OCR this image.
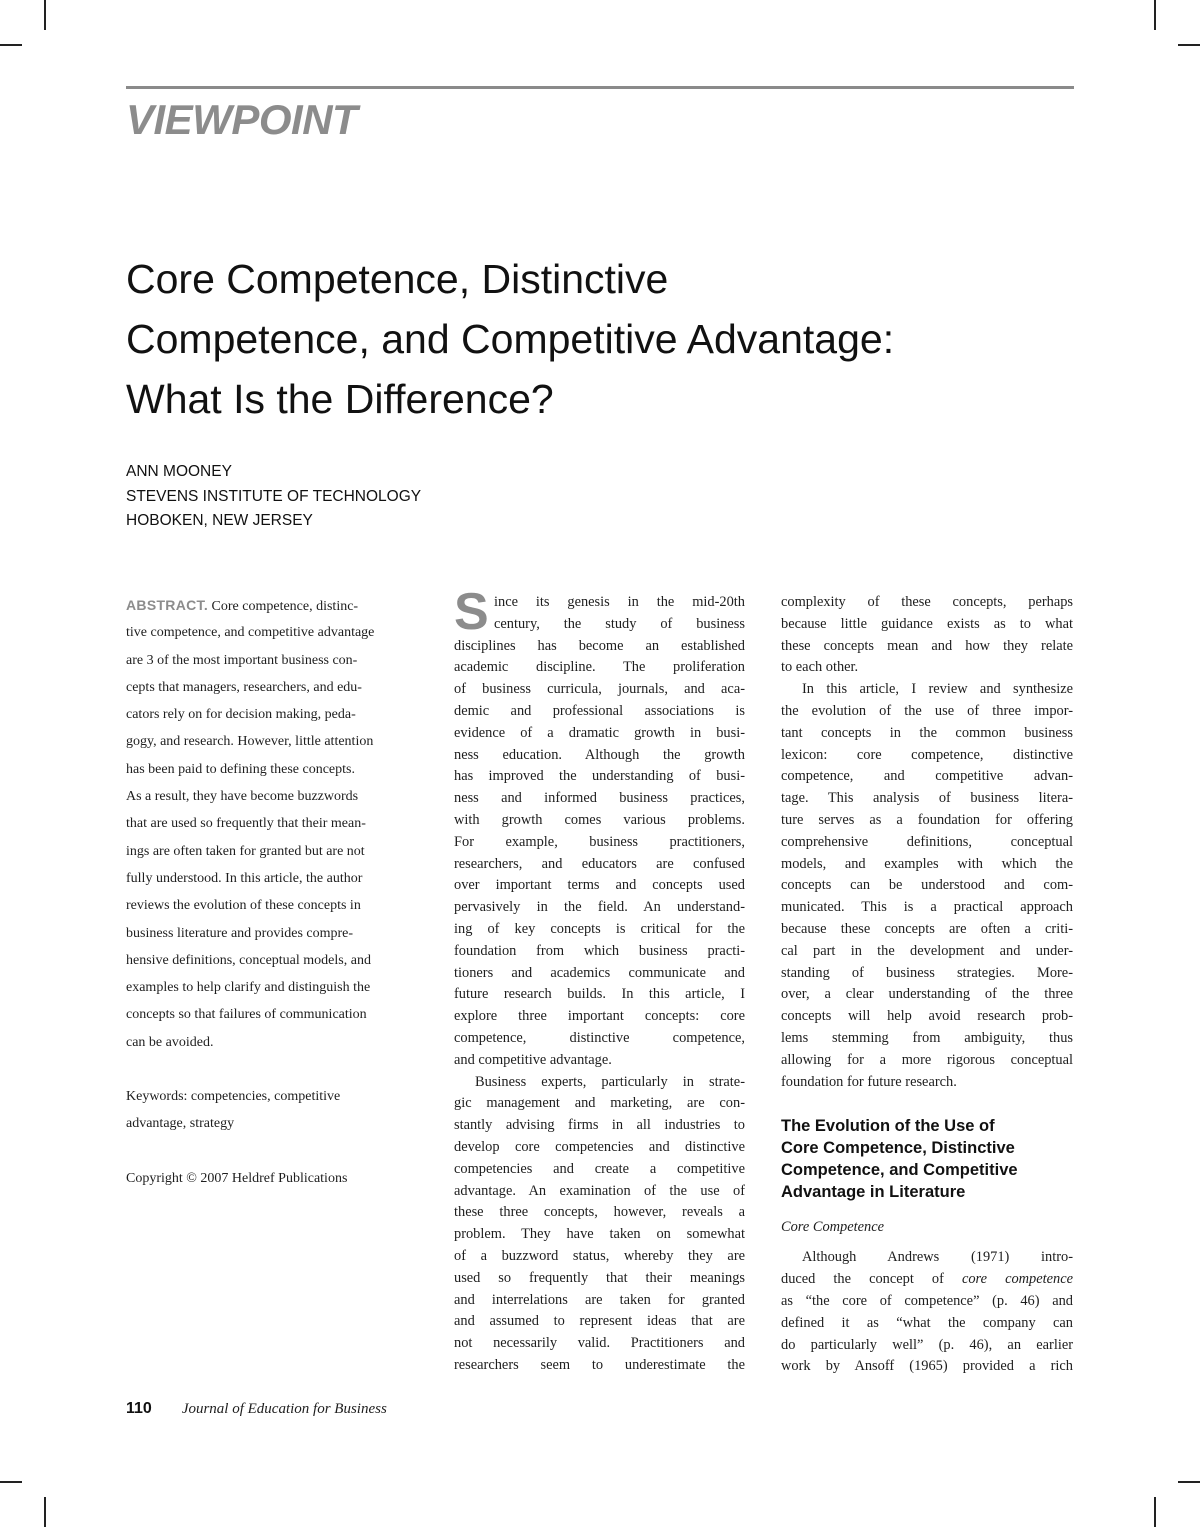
VIEWPOINT
Core Competence, Distinctive
Competence, and Competitive Advantage:
What Is the Difference?
ANN MOONEY
STEVENS INSTITUTE OF TECHNOLOGY
HOBOKEN, NEW JERSEY
ABSTRACT. Core competence, distinc-
tive competence, and competitive advantage
are 3 of the most important business con-
cepts that managers, researchers, and edu-
cators rely on for decision making, peda-
gogy, and research. However, little attention
has been paid to defining these concepts.
As a result, they have become buzzwords
that are used so frequently that their mean-
ings are often taken for granted but are not
fully understood. In this article, the author
reviews the evolution of these concepts in
business literature and provides compre-
hensive definitions, conceptual models, and
examples to help clarify and distinguish the
concepts so that failures of communication
can be avoided.
Keywords: competencies, competitive
advantage, strategy
Copyright © 2007 Heldref Publications
S ince its genesis in the mid-20th
century, the study of business
disciplines has become an established
academic discipline. The proliferation
of business curricula, journals, and aca-
demic and professional associations is
evidence of a dramatic growth in busi-
ness education. Although the growth
has improved the understanding of busi-
ness and informed business practices,
with growth comes various problems.
For example, business practitioners,
researchers, and educators are confused
over important terms and concepts used
pervasively in the field. An understand-
ing of key concepts is critical for the
foundation from which business practi-
tioners and academics communicate and
future research builds. In this article, I
explore three important concepts: core
competence, distinctive competence,
and competitive advantage.
Business experts, particularly in strate-
gic management and marketing, are con-
stantly advising firms in all industries to
develop core competencies and distinctive
competencies and create a competitive
advantage. An examination of the use of
these three concepts, however, reveals a
problem. They have taken on somewhat
of a buzzword status, whereby they are
used so frequently that their meanings
and interrelations are taken for granted
and assumed to represent ideas that are
not necessarily valid. Practitioners and
researchers seem to underestimate the
complexity of these concepts, perhaps
because little guidance exists as to what
these concepts mean and how they relate
to each other.
In this article, I review and synthesize
the evolution of the use of three impor-
tant concepts in the common business
lexicon: core competence, distinctive
competence, and competitive advan-
tage. This analysis of business litera-
ture serves as a foundation for offering
comprehensive definitions, conceptual
models, and examples with which the
concepts can be understood and com-
municated. This is a practical approach
because these concepts are often a criti-
cal part in the development and under-
standing of business strategies. More-
over, a clear understanding of the three
concepts will help avoid research prob-
lems stemming from ambiguity, thus
allowing for a more rigorous conceptual
foundation for future research.
The Evolution of the Use of
Core Competence, Distinctive
Competence, and Competitive
Advantage in Literature
Core Competence
Although Andrews (1971) intro-
duced the concept of core competence
as “the core of competence” (p. 46) and
defined it as “what the company can
do particularly well” (p. 46), an earlier
work by Ansoff (1965) provided a rich
110 Journal of Education for Business
